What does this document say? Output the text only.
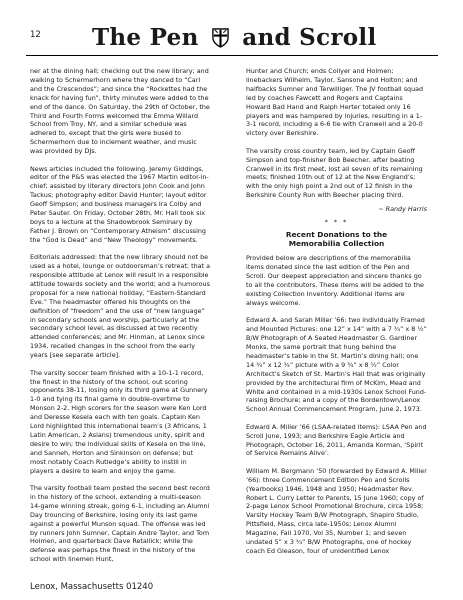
12 The Pen and Scroll

ner at the dining hall; checking out the new library; and walking to Schermerhorn where they danced to “Carl and the Crescendos”; and since the “Rockettes had the knack for having fun”, thirty minutes were added to the end of the dance. On Saturday, the 29th of October, the Third and Fourth Forms welcomed the Emma Willard School from Troy, NY, and a similar schedule was adhered to, except that the girls were bused to Schermerhorn due to inclement weather, and music was provided by DJs.

News articles included the following. Jeremy Giddings, editor of the P&S was elected the 1967 Martin editor-in-chief; assisted by literary directors John Cook and John Tackus; photography editor David Hunter; layout editor Geoff Simpson; and business managers Ira Colby and Peter Sauter. On Friday, October 28th, Mr. Hall took six boys to a lecture at the Shadowbrook Seminary by Father J. Brown on “Contemporary Atheism” discussing the “God is Dead” and “New Theology” movements.

Editorials addressed: that the new library should not be used as a hotel, lounge or outdoorsman’s retreat; that a responsible attitude at Lenox will result in a responsible attitude towards society and the world; and a humorous proposal for a new national holiday, “Eastern-Standard Eve.” The headmaster offered his thoughts on the definition of “freedom” and the use of “new language” in secondary schools and worship, particularly at the secondary school level, as discussed at two recently attended conferences; and Mr. Hinman, at Lenox since 1934, recalled changes in the school from the early years [see separate article].

The varsity soccer team finished with a 10-1-1 record, the finest in the history of the school, out scoring opponents 38-11, losing only its third game at Gunnery 1-0 and tying its final game in double-overtime to Monson 2-2. High scorers for the season were Ken Lord and Deresse Kesela each with ten goals. Captain Ken Lord highlighted this international team’s (3 Africans, 1 Latin American, 2 Asians) tremendous unity, spirit and desire to win; the individual skills of Kesela on the line, and Sanneh, Horton and Sinkinson on defense; but most notably Coach Rutledge’s ability to instill in players a desire to learn and enjoy the game.

The varsity football team posted the second best record in the history of the school, extending a multi-season 14-game winning streak, going 6-1, including an Alumni Day trouncing of Berkshire, losing only its last game against a powerful Munson squad. The offense was led by runners John Sumner, Captain Andre Taylor, and Tom Holmen, and quarterback Dave Retallick; while the defense was perhaps the finest in the history of the school with linemen Hunt,

Hunter and Church; ends Collyer and Holmen; linebackers Wilhelm, Taylor, Sansone and Holton; and halfbacks Sumner and Terwilliger. The JV football squad led by coaches Fawcett and Rogers and Captains Howard Bad Hand and Ralph Herter totaled only 16 players and was hampered by injuries, resulting in a 1-3-1 record, including a 6-6 tie with Cranwell and a 20-0 victory over Berkshire.

The varsity cross country team, led by Captain Geoff Simpson and top-finisher Bob Beecher, after beating Cranwell in its first meet, lost all seven of its remaining meets; finished 10th out of 12 at the New England’s; with the only high point a 2nd out of 12 finish in the Berkshire County Run with Beecher placing third.

~ Randy Harris
* * *
Recent Donations to the
Memorabilia Collection

Provided below are descriptions of the memorabilia items donated since the last edition of the Pen and Scroll. Our deepest appreciation and sincere thanks go to all the contributors. These items will be added to the existing Collection Inventory. Additional items are always welcome.

Edward A. and Sarah Miller ’66: two individually Framed and Mounted Pictures: one 12” x 14” with a 7 ¾” x 8 ½” B/W Photograph of A Seated Headmaster G. Gardiner Monks, the same portrait that hung behind the headmaster’s table in the St. Martin’s dining hall; one 14 ¾” x 12 ¾” picture with a 9 ¾” x 8 ½” Color Architect’s Sketch of St. Martin’s Hall that was originally provided by the architectural firm of McKim, Mead and White and contained in a mid-1930s Lenox School Fund-raising Brochure; and a copy of the Bordentown/Lenox School Annual Commencement Program, June 2, 1973.

Edward A. Miller ’66 (LSAA-related items): LSAA Pen and Scroll June, 1993; and Berkshire Eagle Article and Photograph, October 16, 2011, Amanda Korman, ‘Spirit of Service Remains Alive’.

William M. Bergmann ’50 (forwarded by Edward A. Miller ’66): three Commencement Edition Pen and Scrolls (Yearbooks) 1946, 1948 and 1950; Headmaster Rev. Robert L. Curry Letter to Parents, 15 June 1960; copy of 2-page Lenox School Promotional Brochure, circa 1958; Varsity Hockey Team B/W Photograph, Shapiro Studio, Pittsfield, Mass, circa late-1950s; Lenox Alumni Magazine, Fall 1970, Vol 35, Number 1; and seven undated 5” x 3 ¾” B/W Photographs, one of hockey coach Ed Gleason, four of unidentified Lenox

Lenox, Massachusetts 01240
